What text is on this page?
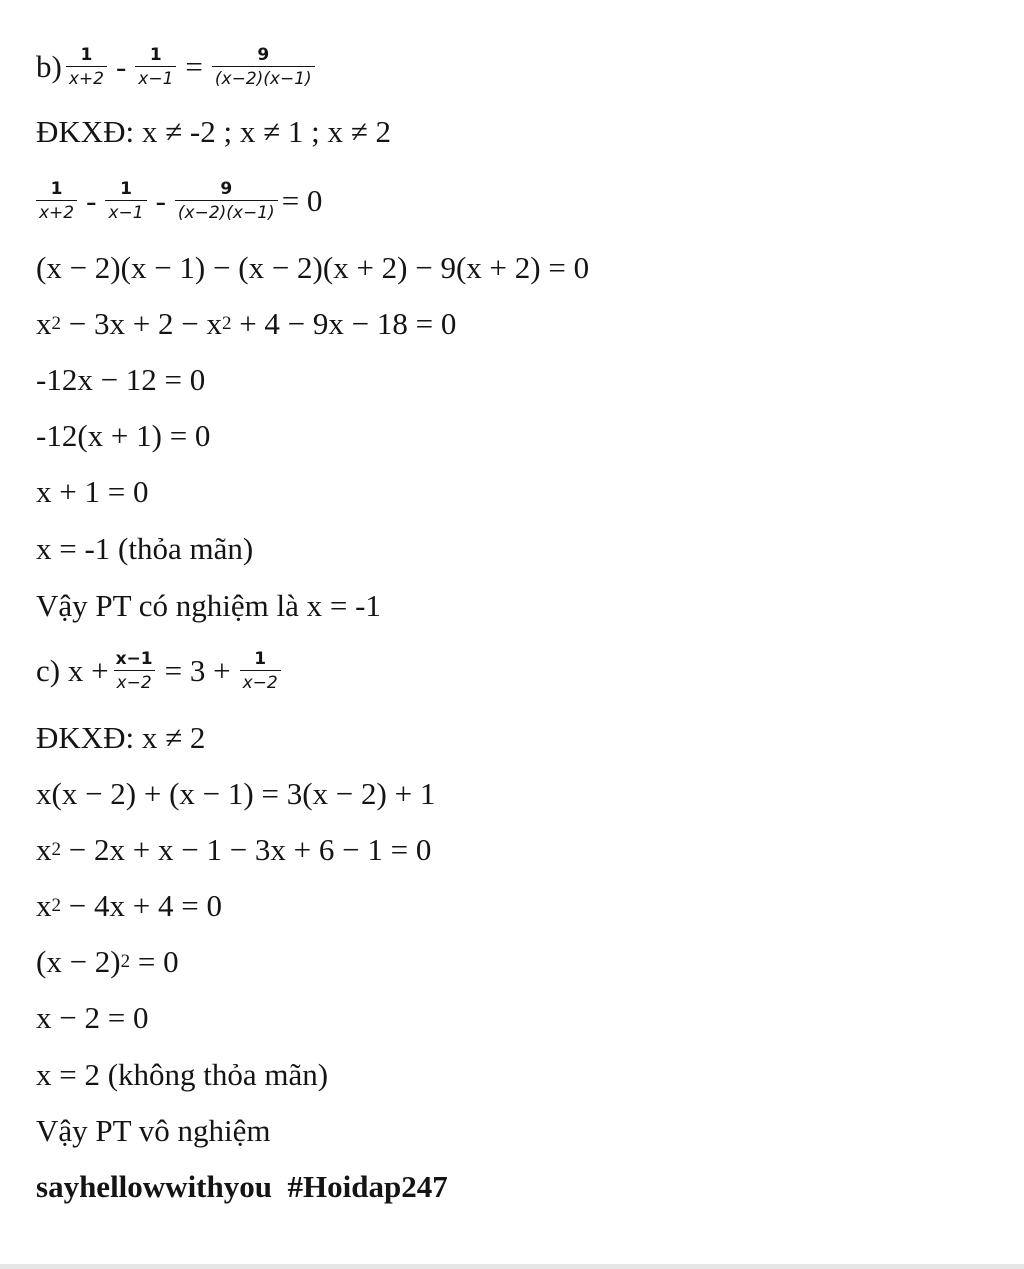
$b) \frac{1}{x+2} - \frac{1}{x-1} = \frac{9}{(x-2)(x-1)}$
ĐKXĐ: x ≠ -2 ; x ≠ 1 ; x ≠ 2
$\frac{1}{x+2} - \frac{1}{x-1} - \frac{9}{(x-2)(x-1)} = 0$
(x − 2)(x − 1) − (x − 2)(x + 2) − 9(x + 2) = 0
x 2 − 3x + 2 − x 2 + 4 − 9x − 18 = 0
-12x − 12 = 0
-12(x + 1) = 0
x + 1 = 0
x = -1 (thỏa mãn)
Vậy PT có nghiệm là x = -1
c) $x + \frac{x-1}{x-2} = 3 + \frac{1}{x-2}$
ĐKXĐ: x ≠ 2
x(x − 2) + (x − 1) = 3(x − 2) + 1
x 2 − 2x + x − 1 − 3x + 6 − 1 = 0
x 2 − 4x + 4 = 0
(x − 2) 2 = 0
x − 2 = 0
x = 2 (không thỏa mãn)
Vậy PT vô nghiệm
sayhellowwithyou  #Hoidap247
